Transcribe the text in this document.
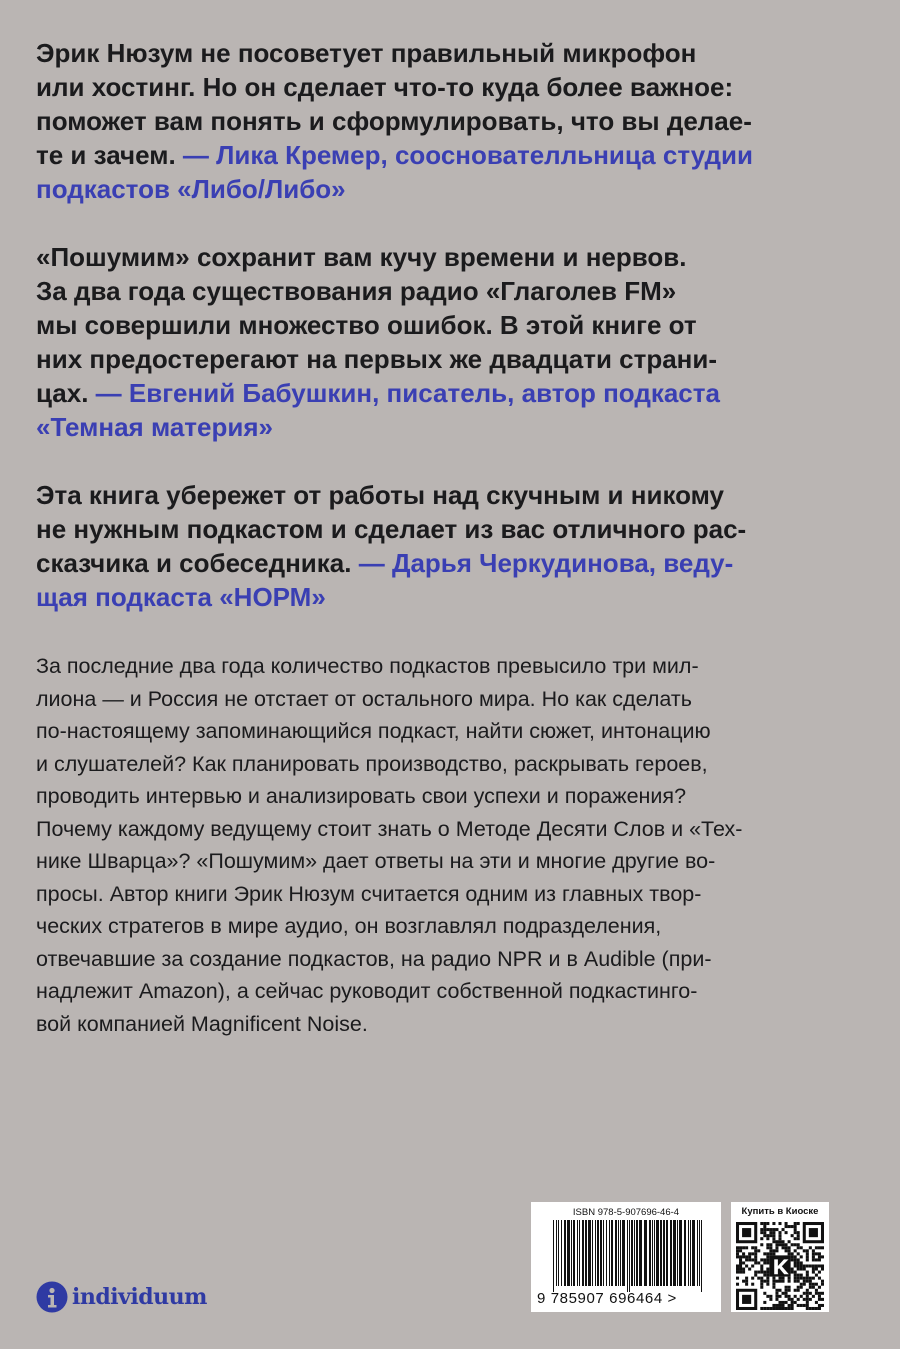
Эрик Нюзум не посоветует правильный микрофон
или хостинг. Но он сделает что-то куда более важное:
поможет вам понять и сформулировать, что вы делае-
те и зачем. — Лика Кремер, сооснователльница студии
подкастов «Либо/Либо»
«Пошумим» сохранит вам кучу времени и нервов.
За два года существования радио «Глаголев FM»
мы совершили множество ошибок. В этой книге от
них предостерегают на первых же двадцати страни-
цах. — Евгений Бабушкин, писатель, автор подкаста
«Темная материя»
Эта книга убережет от работы над скучным и никому
не нужным подкастом и сделает из вас отличного рас-
сказчика и собеседника. — Дарья Черкудинова, веду-
щая подкаста «НОРМ»
За последние два года количество подкастов превысило три мил-
лиона — и Россия не отстает от остального мира. Но как сделать
по-настоящему запоминающийся подкаст, найти сюжет, интонацию
и слушателей? Как планировать производство, раскрывать героев,
проводить интервью и анализировать свои успехи и поражения?
Почему каждому ведущему стоит знать о Методе Десяти Слов и «Тех-
нике Шварца»? «Пошумим» дает ответы на эти и многие другие во-
просы. Автор книги Эрик Нюзум считается одним из главных твор-
ческих стратегов в мире аудио, он возглавлял подразделения,
отвечавшие за создание подкастов, на радио NPR и в Audible (при-
надлежит Amazon), а сейчас руководит собственной подкастинго-
вой компанией Magnificent Noise.
individuum
ISBN 978-5-907696-46-4
9 785907 696464 >
Купить в Киоске
